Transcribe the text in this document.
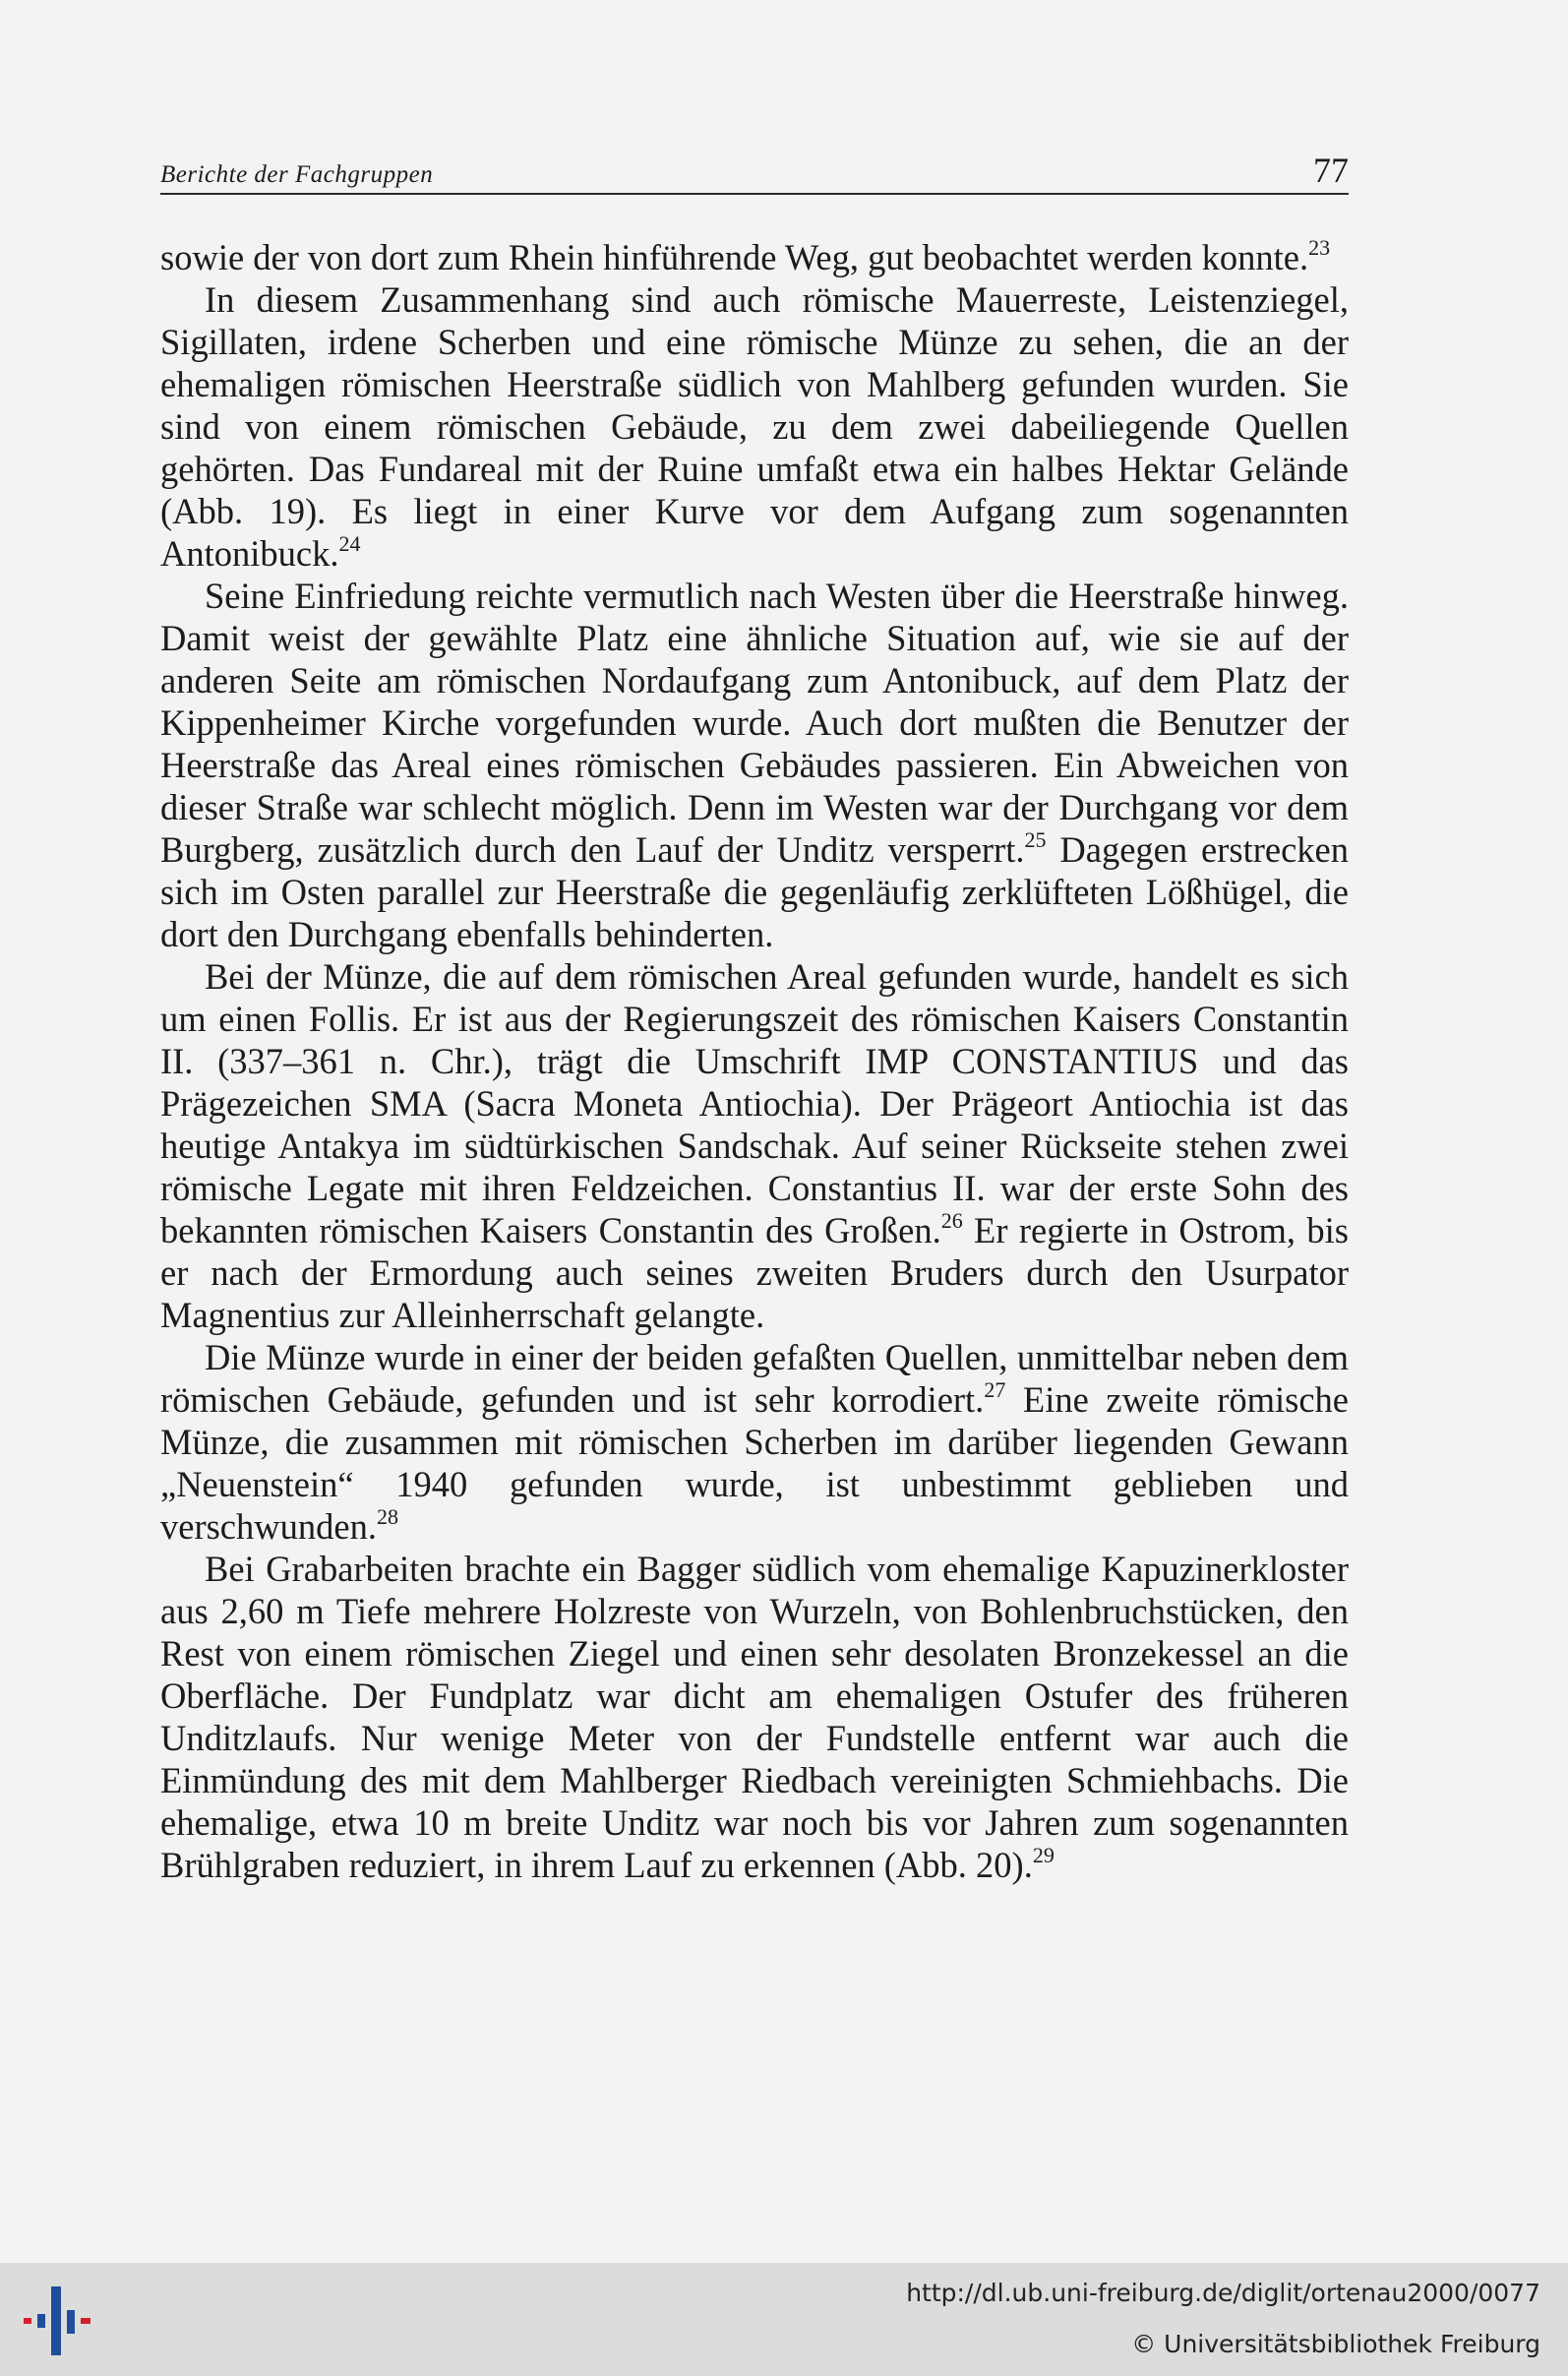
Berichte der Fachgruppen	77

sowie der von dort zum Rhein hinführende Weg, gut beobachtet werden konnte.$^{23}$

In diesem Zusammenhang sind auch römische Mauerreste, Leistenziegel, Sigillaten, irdene Scherben und eine römische Münze zu sehen, die an der ehemaligen römischen Heerstraße südlich von Mahlberg gefunden wurden. Sie sind von einem römischen Gebäude, zu dem zwei dabeiliegende Quellen gehörten. Das Fundareal mit der Ruine umfaßt etwa ein halbes Hektar Gelände (Abb. 19). Es liegt in einer Kurve vor dem Aufgang zum sogenannten Antonibuck.$^{24}$

Seine Einfriedung reichte vermutlich nach Westen über die Heerstraße hinweg. Damit weist der gewählte Platz eine ähnliche Situation auf, wie sie auf der anderen Seite am römischen Nordaufgang zum Antonibuck, auf dem Platz der Kippenheimer Kirche vorgefunden wurde. Auch dort mußten die Benutzer der Heerstraße das Areal eines römischen Gebäudes passieren. Ein Abweichen von dieser Straße war schlecht möglich. Denn im Westen war der Durchgang vor dem Burgberg, zusätzlich durch den Lauf der Unditz versperrt.$^{25}$ Dagegen erstrecken sich im Osten parallel zur Heerstraße die gegenläufig zerklüfteten Lößhügel, die dort den Durchgang ebenfalls behinderten.

Bei der Münze, die auf dem römischen Areal gefunden wurde, handelt es sich um einen Follis. Er ist aus der Regierungszeit des römischen Kaisers Constantin II. (337–361 n. Chr.), trägt die Umschrift IMP CONSTANTIUS und das Prägezeichen SMA (Sacra Moneta Antiochia). Der Prägeort Antiochia ist das heutige Antakya im südtürkischen Sandschak. Auf seiner Rückseite stehen zwei römische Legate mit ihren Feldzeichen. Constantius II. war der erste Sohn des bekannten römischen Kaisers Constantin des Großen.$^{26}$ Er regierte in Ostrom, bis er nach der Ermordung auch seines zweiten Bruders durch den Usurpator Magnentius zur Alleinherrschaft gelangte.

Die Münze wurde in einer der beiden gefaßten Quellen, unmittelbar neben dem römischen Gebäude, gefunden und ist sehr korrodiert.$^{27}$ Eine zweite römische Münze, die zusammen mit römischen Scherben im darüber liegenden Gewann „Neuenstein“ 1940 gefunden wurde, ist unbestimmt geblieben und verschwunden.$^{28}$

Bei Grabarbeiten brachte ein Bagger südlich vom ehemalige Kapuzinerkloster aus 2,60 m Tiefe mehrere Holzreste von Wurzeln, von Bohlenbruchstücken, den Rest von einem römischen Ziegel und einen sehr desolaten Bronzekessel an die Oberfläche. Der Fundplatz war dicht am ehemaligen Ostufer des früheren Unditzlaufs. Nur wenige Meter von der Fundstelle entfernt war auch die Einmündung des mit dem Mahlberger Riedbach vereinigten Schmiehbachs. Die ehemalige, etwa 10 m breite Unditz war noch bis vor Jahren zum sogenannten Brühlgraben reduziert, in ihrem Lauf zu erkennen (Abb. 20).$^{29}$

http://dl.ub.uni-freiburg.de/diglit/ortenau2000/0077
© Universitätsbibliothek Freiburg
